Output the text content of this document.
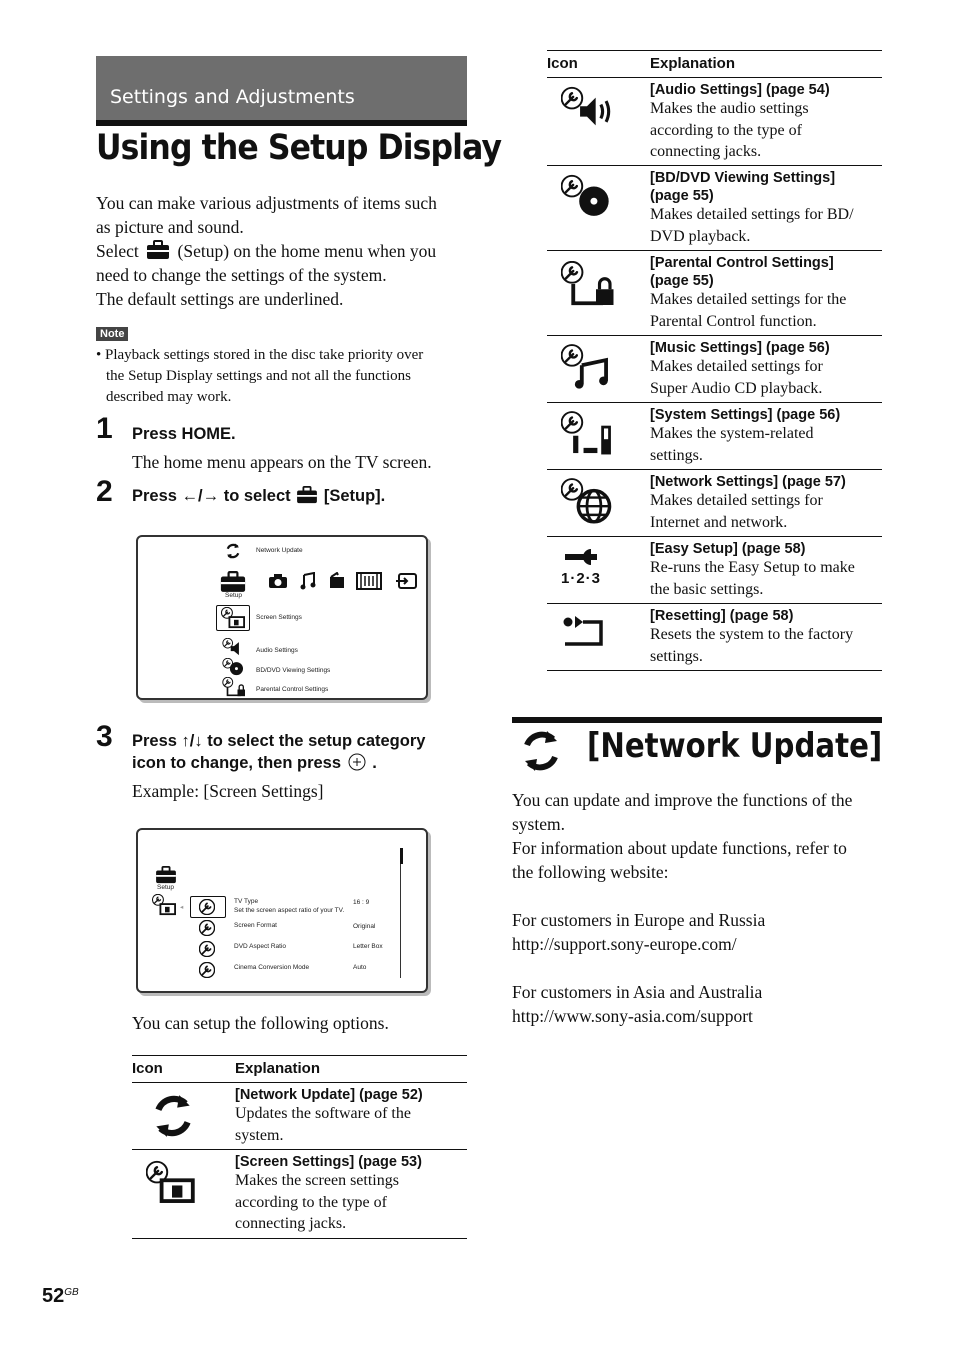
Settings and Adjustments
Using the Setup Display
You can make various adjustments of items such
as picture and sound.
Select (Setup) on the home menu when you
need to change the settings of the system.
The default settings are underlined.
Note
• Playback settings stored in the disc take priority over
the Setup Display settings and not all the functions
described may work.
1 Press HOME.
The home menu appears on the TV screen.
2 Press ←/→ to select [Setup].
Network Update
Setup
Screen Settings
Audio Settings
BD/DVD Viewing Settings
Parental Control Settings
3 Press ↑/↓ to select the setup category
icon to change, then press .
Example: [Screen Settings]
Setup
◂
TV Type
Set the screen aspect ratio of your TV.
16 : 9
Screen Format	Original
DVD Aspect Ratio	Letter Box
Cinema Conversion Mode	Auto
You can setup the following options.
Icon	Explanation
[Network Update] (page 52)
Updates the software of the
system.
[Screen Settings] (page 53)
Makes the screen settings
according to the type of
connecting jacks.
$52^{GB}$
Icon	Explanation
[Audio Settings] (page 54)
Makes the audio settings
according to the type of
connecting jacks.
[BD/DVD Viewing Settings]
(page 55)
Makes detailed settings for BD/
DVD playback.
[Parental Control Settings]
(page 55)
Makes detailed settings for the
Parental Control function.
[Music Settings] (page 56)
Makes detailed settings for
Super Audio CD playback.
[System Settings] (page 56)
Makes the system-related
settings.
[Network Settings] (page 57)
Makes detailed settings for
Internet and network.
1·2·3
[Easy Setup] (page 58)
Re-runs the Easy Setup to make
the basic settings.
[Resetting] (page 58)
Resets the system to the factory
settings.
[Network Update]
You can update and improve the functions of the
system.
For information about update functions, refer to
the following website:
For customers in Europe and Russia
http://support.sony-europe.com/
For customers in Asia and Australia
http://www.sony-asia.com/support
